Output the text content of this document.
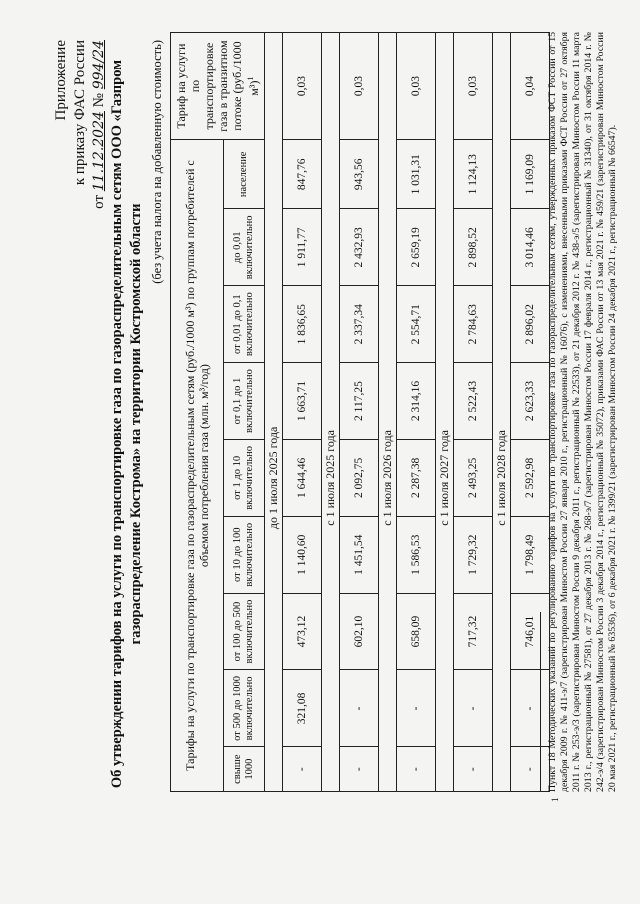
Приложение к приказу ФАС России
от 11.12.2024 № 994/24 Об утверждении тарифов на услуги по транспортировке газа по газораспределительным сетям ООО «Газпром газораспределение Кострома» на территории Костромской области
(без учета налога на добавленную стоимость) Тарифы на услуги по транспортировке газа по газораспределительным сетям (руб./1000 м³) по группам потребителей с объемом потребления газа (млн. м³/год)									Тариф на услуги по транспортировке газа в транзитном потоке (руб./1000 м³)$^1$
свыше 1000	от 500 до 1000 включительно	от 100 до 500 включительно	от 10 до 100 включительно	от 1 до 10 включительно	от 0,1 до 1 включительно	от 0,01 до 0,1 включительно	до 0,01 включительно	население	
			до 1 июля 2025 года						
-	321,08	473,12	1 140,60	1 644,46	1 663,71	1 836,65	1 911,77	847,76	0,03
			с 1 июля 2025 года						
-	-	602,10	1 451,54	2 092,75	2 117,25	2 337,34	2 432,93	943,56	0,03
			с 1 июля 2026 года						
-	-	658,09	1 586,53	2 287,38	2 314,16	2 554,71	2 659,19	1 031,31	0,03
			с 1 июля 2027 года						
-	-	717,32	1 729,32	2 493,25	2 522,43	2 784,63	2 898,52	1 124,13	0,03
			с 1 июля 2028 года						
-	-	746,01	1 798,49	2 592,98	2 623,33	2 896,02	3 014,46	1 169,09	0,04
1
Пункт 18 Методических указаний по регулированию тарифов на услуги по транспортировке газа по газораспределительным сетям, утвержденных приказом ФСТ России от 15 декабря 2009 г. № 411-э/7 (зарегистрирован Минюстом России 27 января 2010 г., регистрационный № 16076), с изменениями, внесенными приказами ФСТ России от 27 октября 2011 г. № 253-э/3 (зарегистрирован Минюстом России 9 декабря 2011 г., регистрационный № 22533), от 21 декабря 2012 г. № 438-э/5 (зарегистрирован Минюстом России 11 марта 2013 г., регистрационный № 27581), от 27 декабря 2013 г. № 268-э/7 (зарегистрирован Минюстом России 17 февраля 2014 г., регистрационный № 31340), от 31 октября 2014 г. № 242-э/4 (зарегистрирован Минюстом России 3 декабря 2014 г., регистрационный № 35072), приказами ФАС России от 13 мая 2021 г. № 459/21 (зарегистрирован Минюстом России 20 мая 2021 г., регистрационный № 63536), от 6 декабря 2021 г. № 1399/21 (зарегистрирован Минюстом России 24 декабря 2021 г., регистрационный № 66547).
